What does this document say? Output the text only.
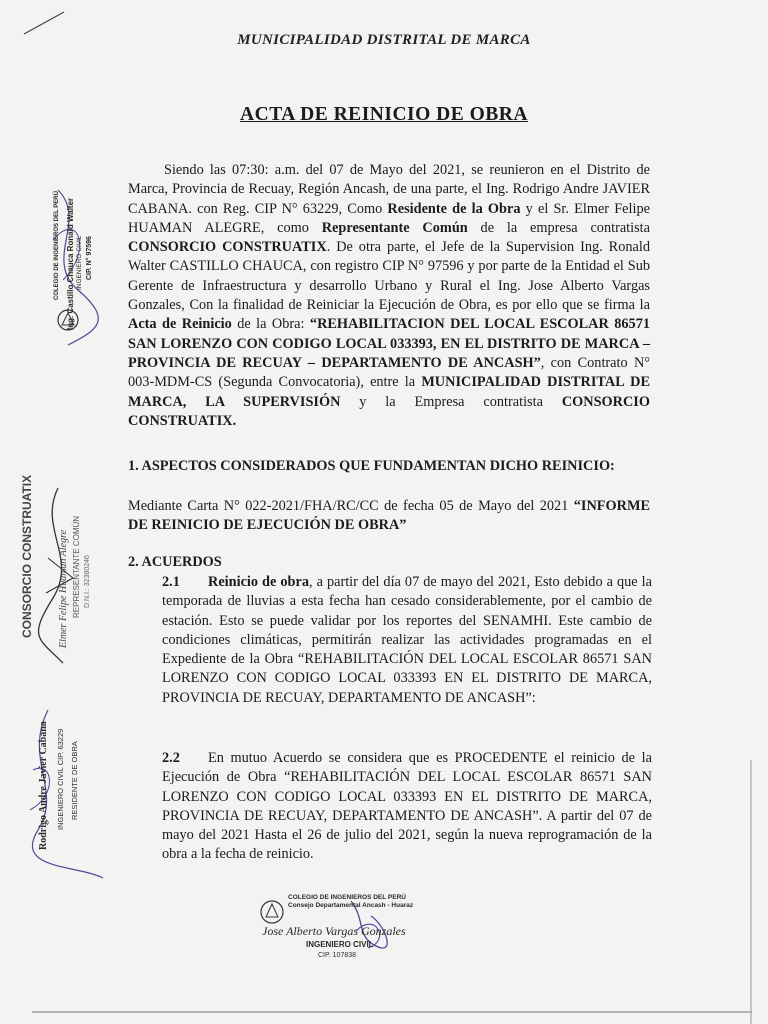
MUNICIPALIDAD DISTRITAL DE MARCA
ACTA DE REINICIO DE OBRA
Siendo las 07:30: a.m. del 07 de Mayo del 2021, se reunieron en el Distrito de Marca, Provincia de Recuay, Región Ancash, de una parte, el Ing. Rodrigo Andre JAVIER CABANA. con Reg. CIP N° 63229, Como Residente de la Obra y el Sr. Elmer Felipe HUAMAN ALEGRE, como Representante Común de la empresa contratista CONSORCIO CONSTRUATIX. De otra parte, el Jefe de la Supervision Ing. Ronald Walter CASTILLO CHAUCA, con registro CIP N° 97596 y por parte de la Entidad el Sub Gerente de Infraestructura y desarrollo Urbano y Rural el Ing. Jose Alberto Vargas Gonzales, Con la finalidad de Reiniciar la Ejecución de Obra, es por ello que se firma la Acta de Reinicio de la Obra: “REHABILITACION DEL LOCAL ESCOLAR 86571 SAN LORENZO CON CODIGO LOCAL 033393, EN EL DISTRITO DE MARCA – PROVINCIA DE RECUAY – DEPARTAMENTO DE ANCASH”, con Contrato N° 003-MDM-CS (Segunda Convocatoria), entre la MUNICIPALIDAD DISTRITAL DE MARCA, LA SUPERVISIÓN y la Empresa contratista CONSORCIO CONSTRUATIX.
1. ASPECTOS CONSIDERADOS QUE FUNDAMENTAN DICHO REINICIO:
Mediante Carta N° 022-2021/FHA/RC/CC de fecha 05 de Mayo del 2021 “INFORME DE REINICIO DE EJECUCIÓN DE OBRA”
2. ACUERDOS
2.1 Reinicio de obra, a partir del día 07 de mayo del 2021, Esto debido a que la temporada de lluvias a esta fecha han cesado considerablemente, por el cambio de estación. Esto se puede validar por los reportes del SENAMHI. Este cambio de condiciones climáticas, permitirán realizar las actividades programadas en el Expediente de la Obra “REHABILITACIÓN DEL LOCAL ESCOLAR 86571 SAN LORENZO CON CODIGO LOCAL 033393 EN EL DISTRITO DE MARCA, PROVINCIA DE RECUAY, DEPARTAMENTO DE ANCASH”:
2.2 En mutuo Acuerdo se considera que es PROCEDENTE el reinicio de la Ejecución de Obra “REHABILITACIÓN DEL LOCAL ESCOLAR 86571 SAN LORENZO CON CODIGO LOCAL 033393 EN EL DISTRITO DE MARCA, PROVINCIA DE RECUAY, DEPARTAMENTO DE ANCASH”. A partir del 07 de mayo del 2021 Hasta el 26 de julio del 2021, según la nueva reprogramación de la obra a la fecha de reinicio.
COLEGIO DE INGENIEROS DEL PERÚ Ing. Castillo Chauca Ronald Walter INGENIERO CIVIL CIP. N° 97596
CONSORCIO CONSTRUATIX Elmer Felipe Huaman Alegre REPRESENTANTE COMÚN D.N.I.: 32380246
Rodrigo Andre Javier Cabana INGENIERO CIVIL CIP. 63229 RESIDENTE DE OBRA
COLEGIO DE INGENIEROS DEL PERÚ
Consejo Departamental Ancash - Huaraz
Jose Alberto Vargas Gonzales
INGENIERO CIVIL
CIP. 107838
